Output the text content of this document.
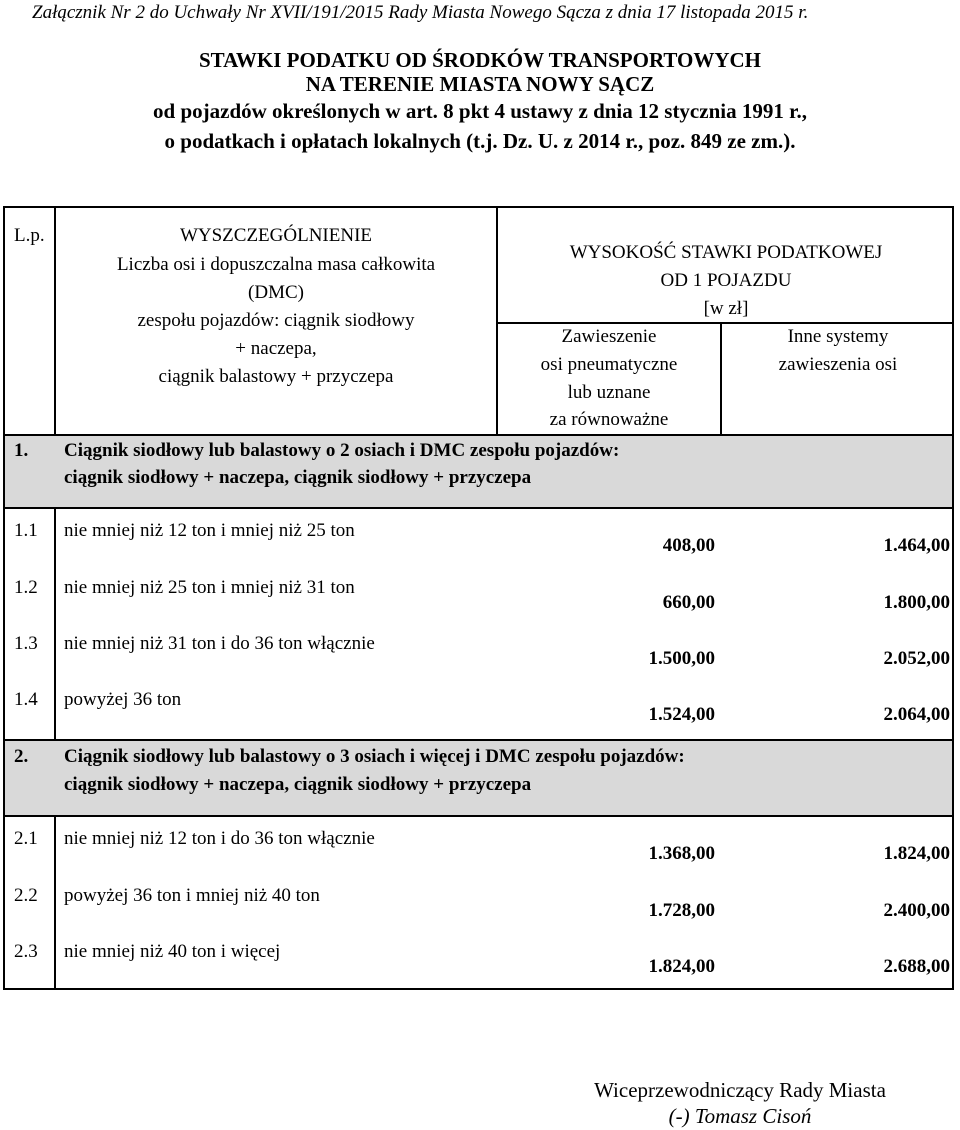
Załącznik Nr 2 do Uchwały Nr XVII/191/2015 Rady Miasta Nowego Sącza z dnia 17 listopada 2015 r.
STAWKI PODATKU OD ŚRODKÓW TRANSPORTOWYCH
NA TERENIE MIASTA NOWY SĄCZ
od pojazdów określonych w art. 8 pkt 4 ustawy z dnia 12 stycznia 1991 r.,
o podatkach i opłatach lokalnych (t.j. Dz. U. z 2014 r., poz. 849 ze zm.).
L.p.	WYSZCZEGÓLNIENIE
Liczba osi i dopuszczalna masa całkowita
(DMC)
zespołu pojazdów: ciągnik siodłowy
+ naczepa,
ciągnik balastowy + przyczepa
WYSOKOŚĆ STAWKI PODATKOWEJ
OD 1 POJAZDU
[w zł]
Zawieszenie
osi pneumatyczne
lub uznane
za równoważne
Inne systemy
zawieszenia osi
1. Ciągnik siodłowy lub balastowy o 2 osiach i DMC zespołu pojazdów:
ciągnik siodłowy + naczepa, ciągnik siodłowy + przyczepa
1.1 nie mniej niż 12 ton i mniej niż 25 ton
408,00	1.464,00
1.2 nie mniej niż 25 ton i mniej niż 31 ton
660,00	1.800,00
1.3 nie mniej niż 31 ton i do 36 ton włącznie
1.500,00	2.052,00
1.4 powyżej 36 ton
1.524,00	2.064,00
2. Ciągnik siodłowy lub balastowy o 3 osiach i więcej i DMC zespołu pojazdów:
ciągnik siodłowy + naczepa, ciągnik siodłowy + przyczepa
2.1 nie mniej niż 12 ton i do 36 ton włącznie
1.368,00	1.824,00
2.2 powyżej 36 ton i mniej niż 40 ton
1.728,00	2.400,00
2.3 nie mniej niż 40 ton i więcej
1.824,00	2.688,00
Wiceprzewodniczący Rady Miasta
(-) Tomasz Cisoń
